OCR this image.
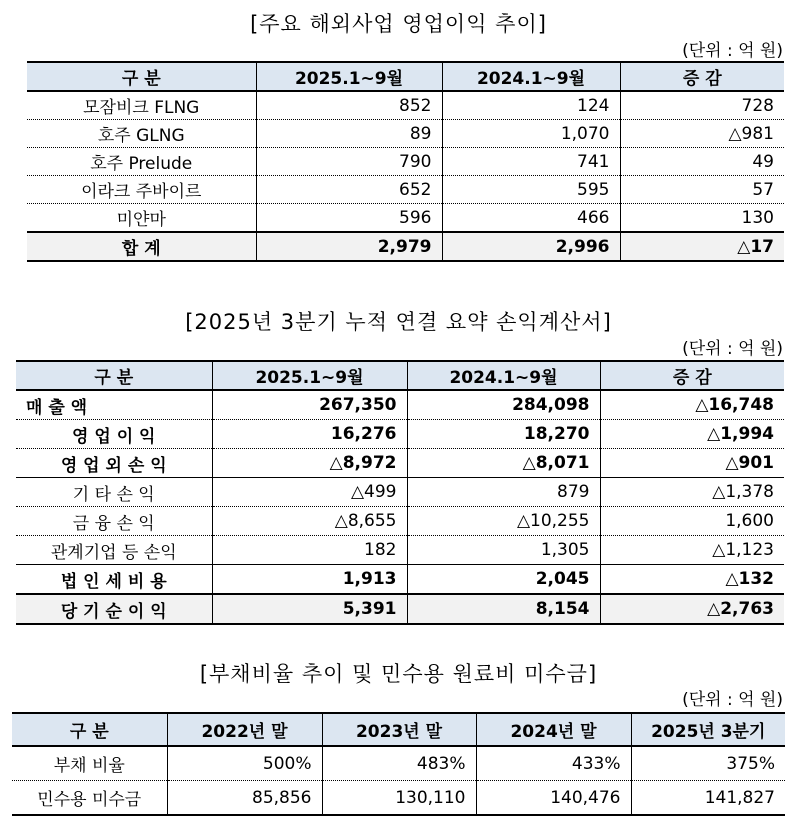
[주요 해외사업 영업이익 추이]
(단위 : 억 원)
구 분	2025.1~9월	2024.1~9월	증 감
모잠비크 FLNG	852	124	728
호주 GLNG	89	1,070	△981
호주 Prelude	790	741	49
이라크 주바이르	652	595	57
미얀마	596	466	130
합 계	2,979	2,996	△17
[2025년 3분기 누적 연결 요약 손익계산서]
(단위 : 억 원)
구 분	2025.1~9월	2024.1~9월	증 감
매 출 액	267,350	284,098	△16,748
영 업 이 익	16,276	18,270	△1,994
영 업 외 손 익	△8,972	△8,071	△901
기 타 손 익	△499	879	△1,378
금 융 손 익	△8,655	△10,255	1,600
관계기업 등 손익	182	1,305	△1,123
법 인 세 비 용	1,913	2,045	△132
당 기 순 이 익	5,391	8,154	△2,763
[부채비율 추이 및 민수용 원료비 미수금]
(단위 : 억 원)
구 분	2022년 말	2023년 말	2024년 말	2025년 3분기
부채 비율	500%	483%	433%	375%
민수용 미수금	85,856	130,110	140,476	141,827
